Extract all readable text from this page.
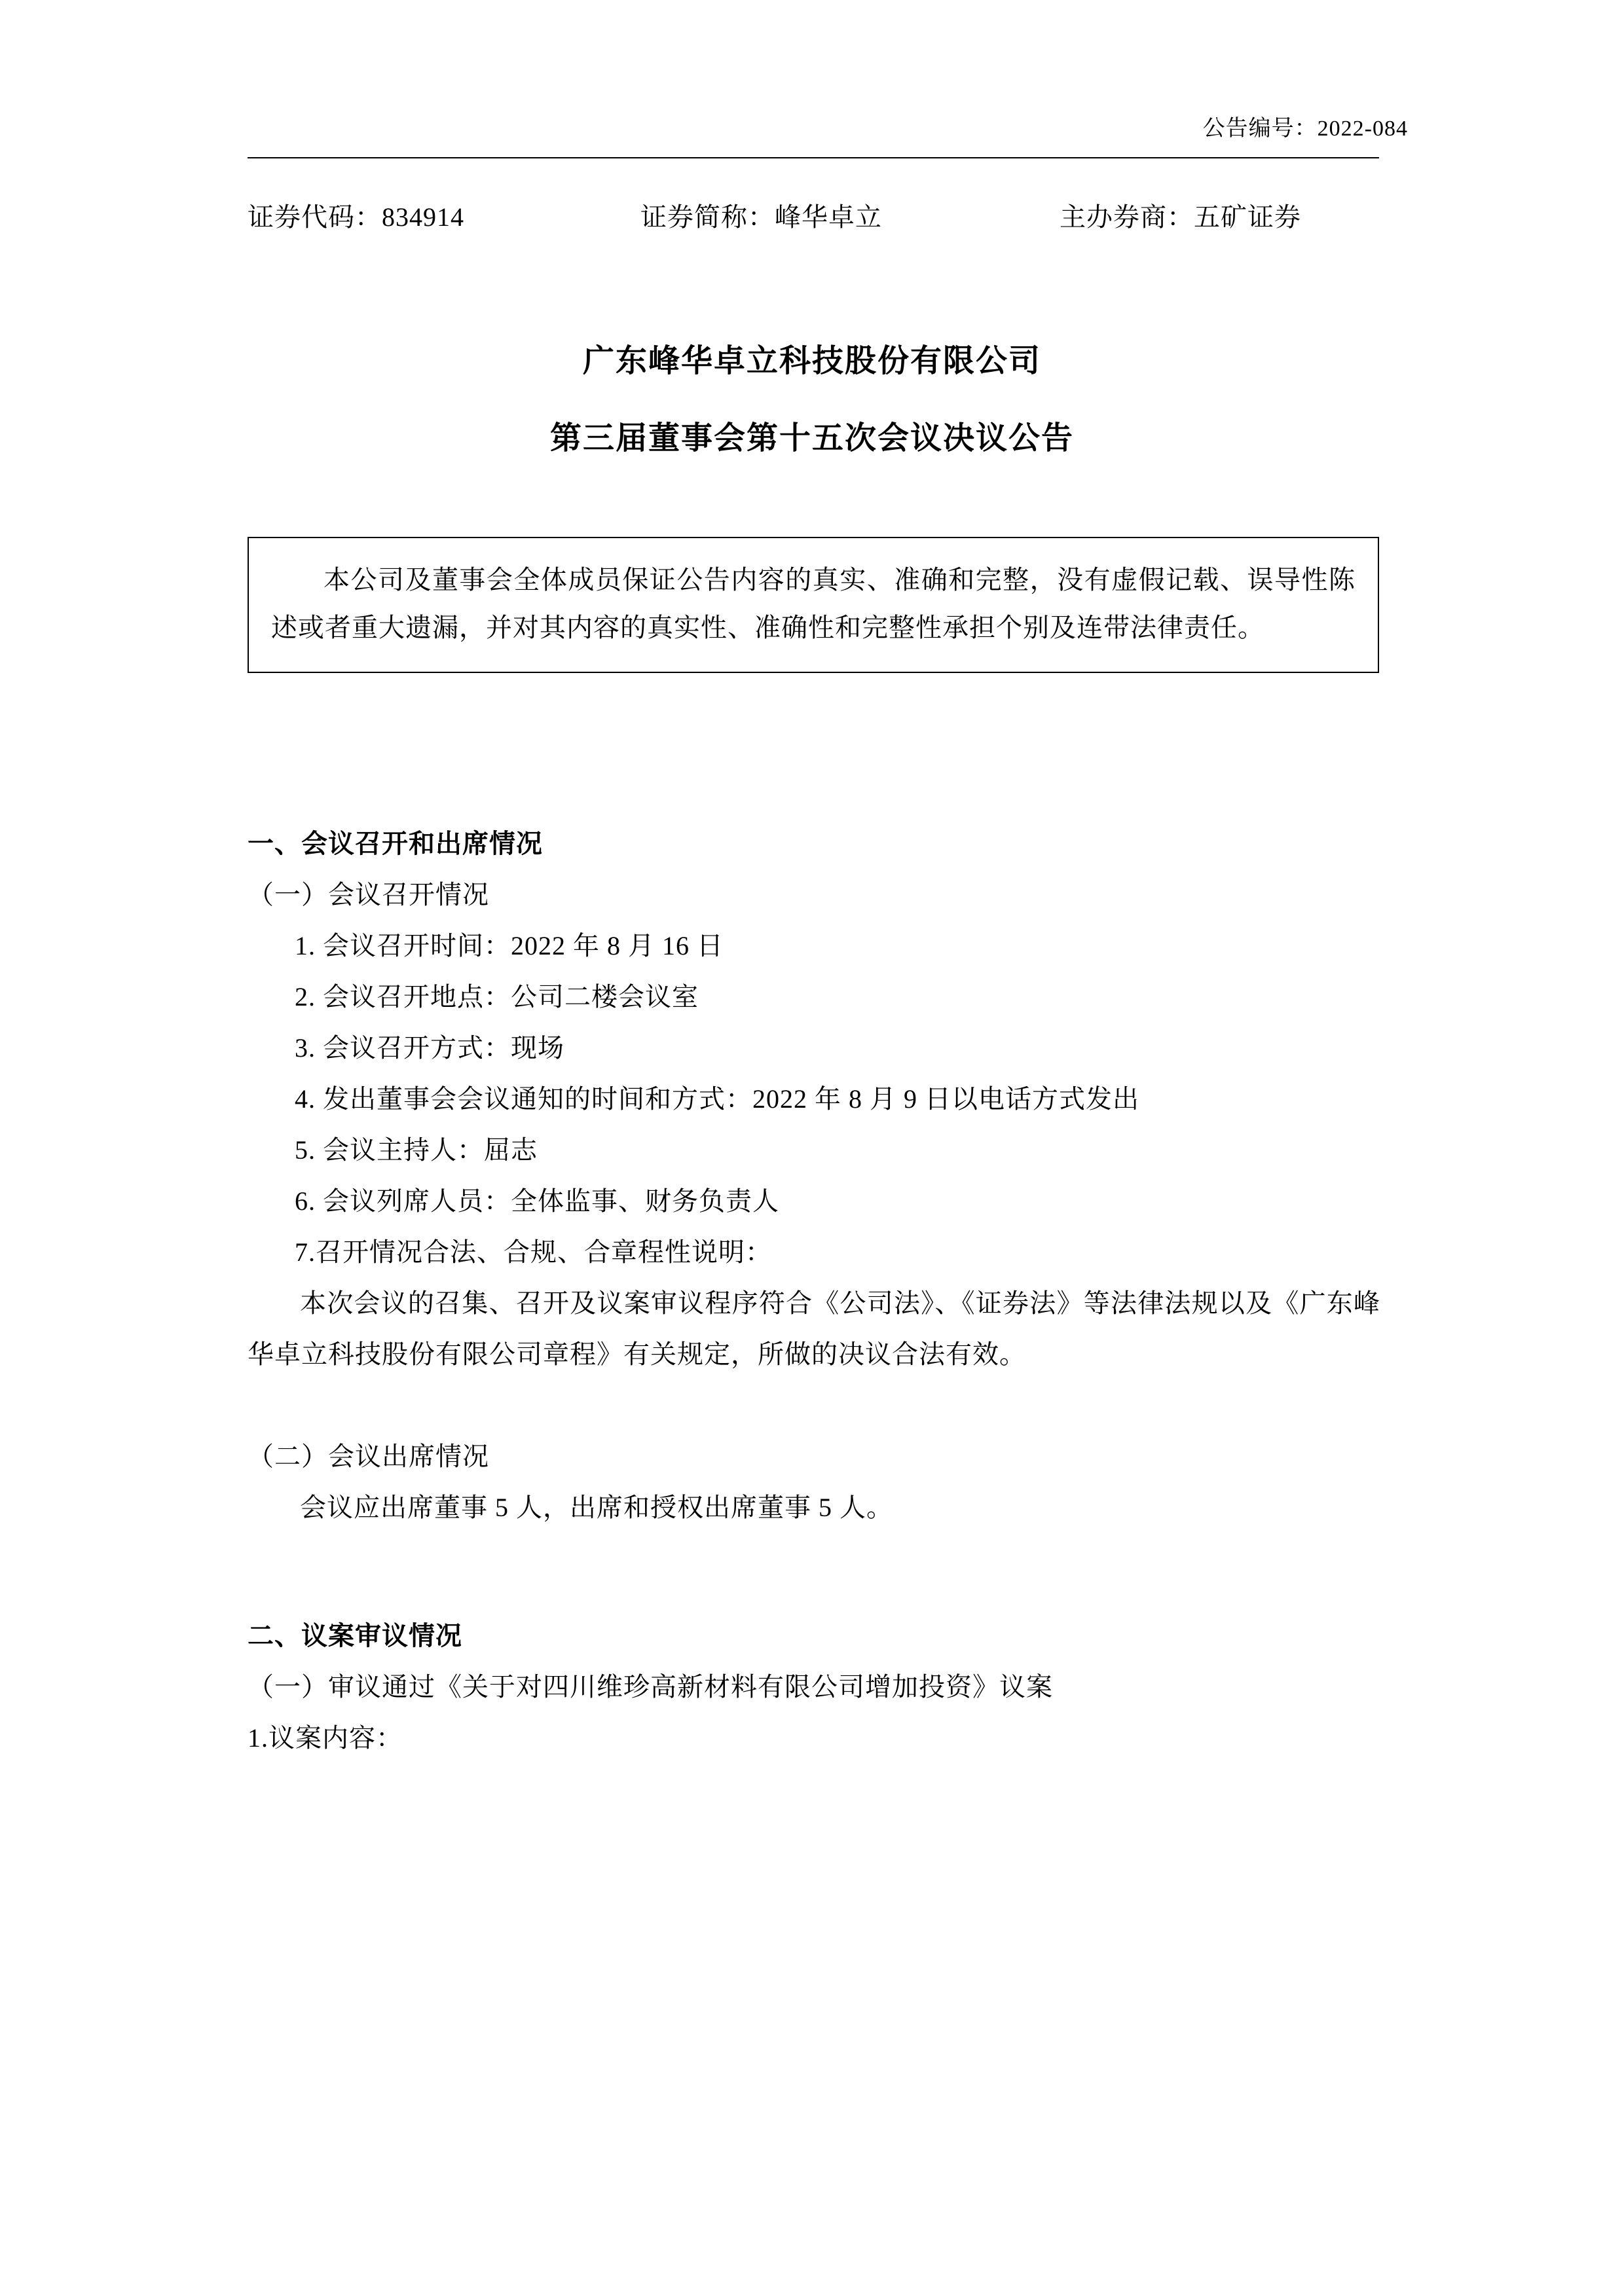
公告编号：2022-084
证券代码：834914	证券简称：峰华卓立	主办券商：五矿证券
广东峰华卓立科技股份有限公司
第三届董事会第十五次会议决议公告

本公司及董事会全体成员保证公告内容的真实、准确和完整，没有虚假记载、误导性陈述或者重大遗漏，并对其内容的真实性、准确性和完整性承担个别及连带法律责任。

一、会议召开和出席情况

（一）会议召开情况

1. 会议召开时间：2022 年 8 月 16 日

2. 会议召开地点：公司二楼会议室

3. 会议召开方式：现场

4. 发出董事会会议通知的时间和方式：2022 年 8 月 9 日以电话方式发出

5. 会议主持人：屈志

6. 会议列席人员：全体监事、财务负责人

7.召开情况合法、合规、合章程性说明：

本次会议的召集、召开及议案审议程序符合《公司法》、《证券法》等法律法规以及《广东峰华卓立科技股份有限公司章程》有关规定，所做的决议合法有效。

（二）会议出席情况

会议应出席董事 5 人，出席和授权出席董事 5 人。

二、议案审议情况

（一）审议通过《关于对四川维珍高新材料有限公司增加投资》议案

1.议案内容：
